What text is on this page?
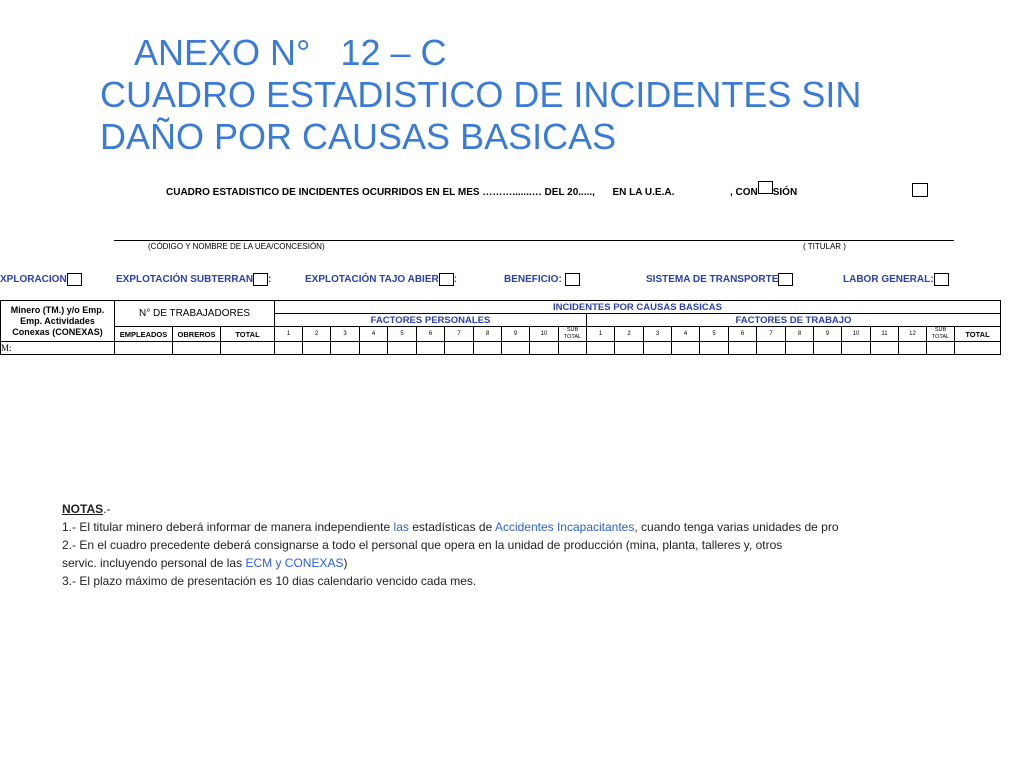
ANEXO N°   12 – C
CUADRO ESTADISTICO DE INCIDENTES SIN
DAÑO POR CAUSAS BASICAS
CUADRO ESTADISTICO DE INCIDENTES OCURRIDOS EN EL MES ……….......… DEL 20....., EN LA U.E.A.	, CON SIÓN
(CÓDIGO Y NOMBRE DE LA UEA/CONCESIÓN)	( TITULAR )
XPLORACION	EXPLOTACIÓN SUBTERRAN :	EXPLOTACIÓN TAJO ABIER :	BENEFICIO:	SISTEMA DE TRANSPORTE	LABOR GENERAL:
Minero (TM.) y/o Emp. Emp. Actividades Conexas (CONEXAS)	N° DE TRABAJADORES			INCIDENTES POR CAUSAS BASICAS																								
				FACTORES PERSONALES											FACTORES DE TRABAJO													
	EMPLEADOS	OBREROS	TOTAL	1	2	3	4	5	6	7	8	9	10	SUB TOTAL	1	2	3	4	5	6	7	8	9	10	11	12	SUB TOTAL	TOTAL
M:																												
NOTAS.-
1.- El titular minero deberá informar de manera independiente las estadísticas de Accidentes Incapacitantes, cuando tenga varias unidades de pro
2.- En el cuadro precedente deberá consignarse a todo el personal que opera en la unidad de producción (mina, planta, talleres y, otros
servic. incluyendo personal de las ECM y CONEXAS)
3.- El plazo máximo de presentación es 10 dias calendario vencido cada mes.
